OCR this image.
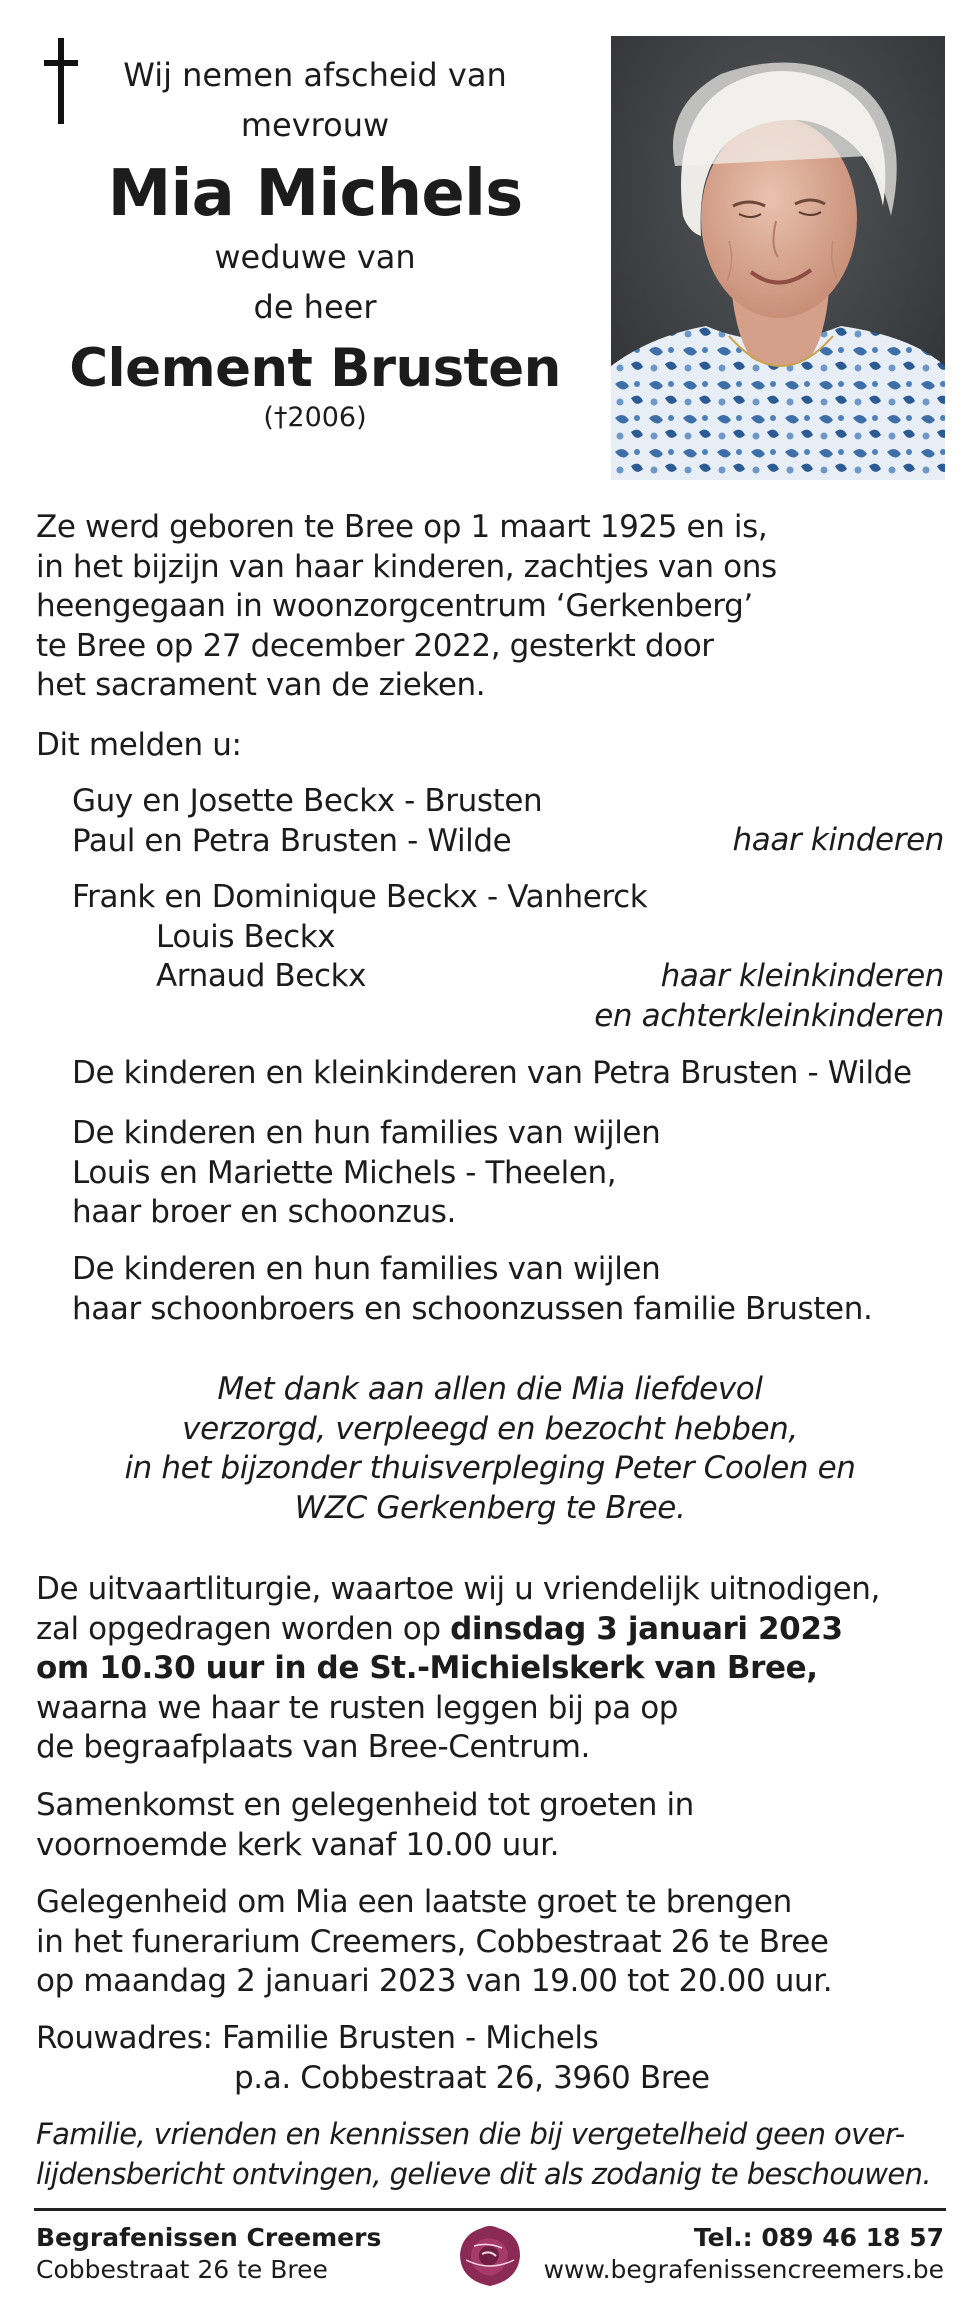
Wij nemen afscheid van
mevrouw
Mia Michels
weduwe van
de heer
Clement Brusten
(†2006)
Ze werd geboren te Bree op 1 maart 1925 en is,
in het bijzijn van haar kinderen, zachtjes van ons
heengegaan in woonzorgcentrum ‘Gerkenberg’
te Bree op 27 december 2022, gesterkt door
het sacrament van de zieken.
Dit melden u:
Guy en Josette Beckx - Brusten
Paul en Petra Brusten - Wilde	haar kinderen
Frank en Dominique Beckx - Vanherck
Louis Beckx
Arnaud Beckx	haar kleinkinderen
en achterkleinkinderen
De kinderen en kleinkinderen van Petra Brusten - Wilde
De kinderen en hun families van wijlen
Louis en Mariette Michels - Theelen,
haar broer en schoonzus.
De kinderen en hun families van wijlen
haar schoonbroers en schoonzussen familie Brusten.
Met dank aan allen die Mia liefdevol
verzorgd, verpleegd en bezocht hebben,
in het bijzonder thuisverpleging Peter Coolen en
WZC Gerkenberg te Bree.
De uitvaartliturgie, waartoe wij u vriendelijk uitnodigen,
zal opgedragen worden op dinsdag 3 januari 2023
om 10.30 uur in de St.-Michielskerk van Bree,
waarna we haar te rusten leggen bij pa op
de begraafplaats van Bree-Centrum.
Samenkomst en gelegenheid tot groeten in
voornoemde kerk vanaf 10.00 uur.
Gelegenheid om Mia een laatste groet te brengen
in het funerarium Creemers, Cobbestraat 26 te Bree
op maandag 2 januari 2023 van 19.00 tot 20.00 uur.
Rouwadres: Familie Brusten - Michels
p.a. Cobbestraat 26, 3960 Bree
Familie, vrienden en kennissen die bij vergetelheid geen over-
lijdensbericht ontvingen, gelieve dit als zodanig te beschouwen.
Begrafenissen Creemers
Cobbestraat 26 te Bree
Tel.: 089 46 18 57
www.begrafenissencreemers.be
